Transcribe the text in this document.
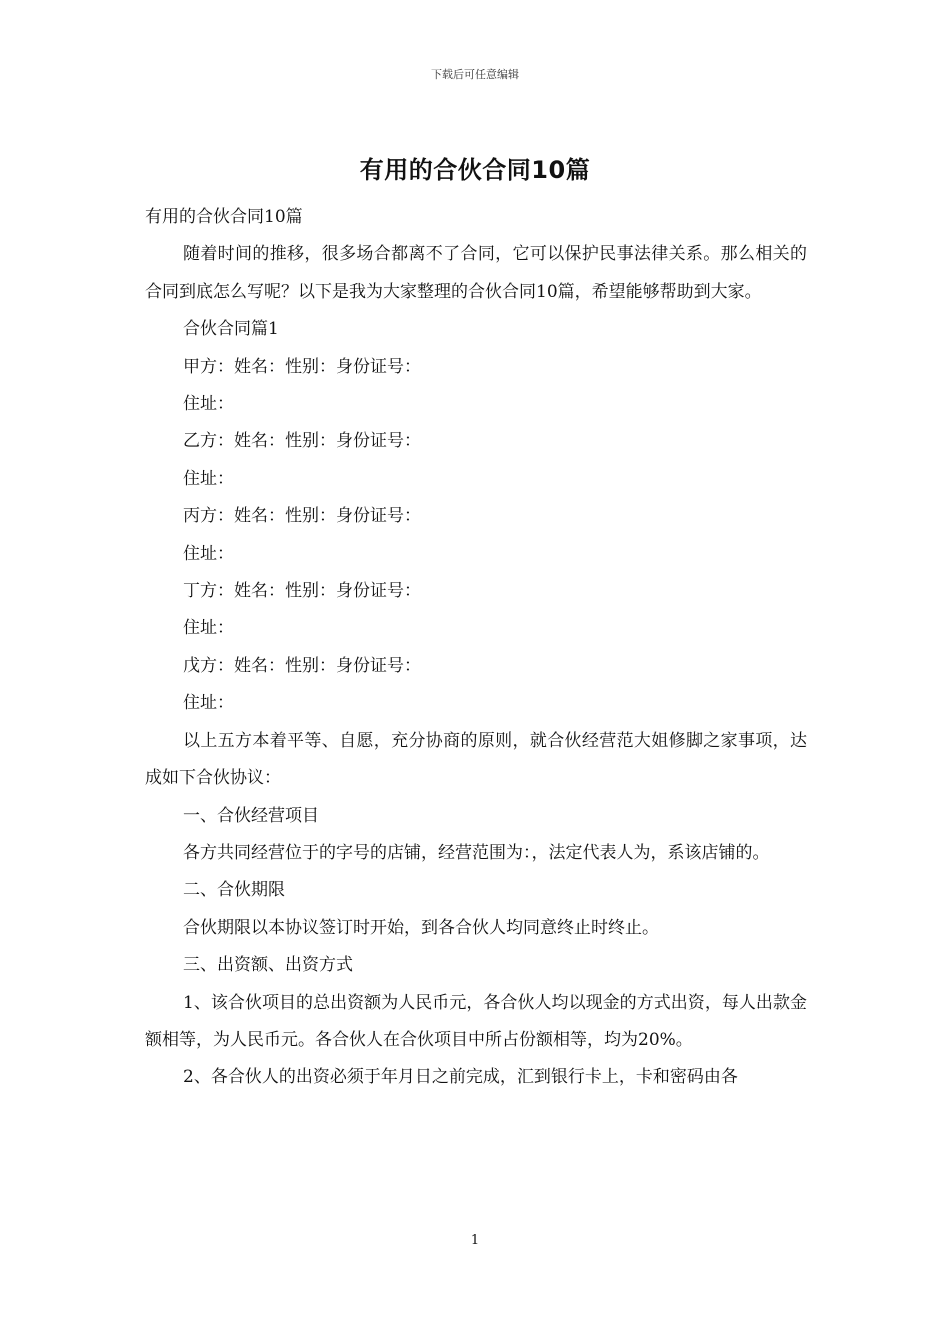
下载后可任意编辑
有用的合伙合同10篇

有用的合伙合同10篇

随着时间的推移，很多场合都离不了合同，它可以保护民事法律关系。那么相关的合同到底怎么写呢？以下是我为大家整理的合伙合同10篇，希望能够帮助到大家。

合伙合同篇1

甲方：姓名：性别：身份证号：

住址：

乙方：姓名：性别：身份证号：

住址：

丙方：姓名：性别：身份证号：

住址：

丁方：姓名：性别：身份证号：

住址：

戊方：姓名：性别：身份证号：

住址：

以上五方本着平等、自愿，充分协商的原则，就合伙经营范大姐修脚之家事项，达成如下合伙协议：

一、合伙经营项目

各方共同经营位于的字号的店铺，经营范围为：，法定代表人为，系该店铺的。

二、合伙期限

合伙期限以本协议签订时开始，到各合伙人均同意终止时终止。

三、出资额、出资方式

1、该合伙项目的总出资额为人民币元，各合伙人均以现金的方式出资，每人出款金额相等，为人民币元。各合伙人在合伙项目中所占份额相等，均为20%。

2、各合伙人的出资必须于年月日之前完成，汇到银行卡上，卡和密码由各

1
